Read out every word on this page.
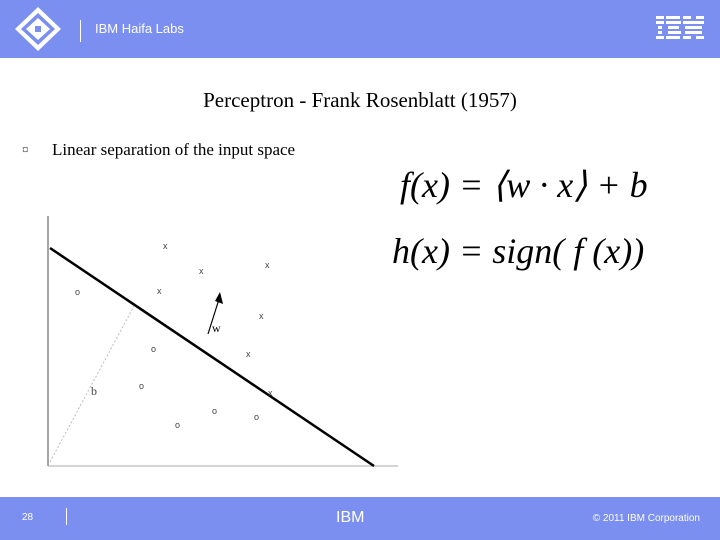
IBM Haifa Labs
Perceptron - Frank Rosenblatt (1957)
¤	Linear separation of the input space
f(x) = ⟨w · x⟩ + b
h(x) = sign( f (x))
w
b
x
x
x
x
x
x
x
o
o
o
o
o
o
28	IBM	© 2011 IBM Corporation
